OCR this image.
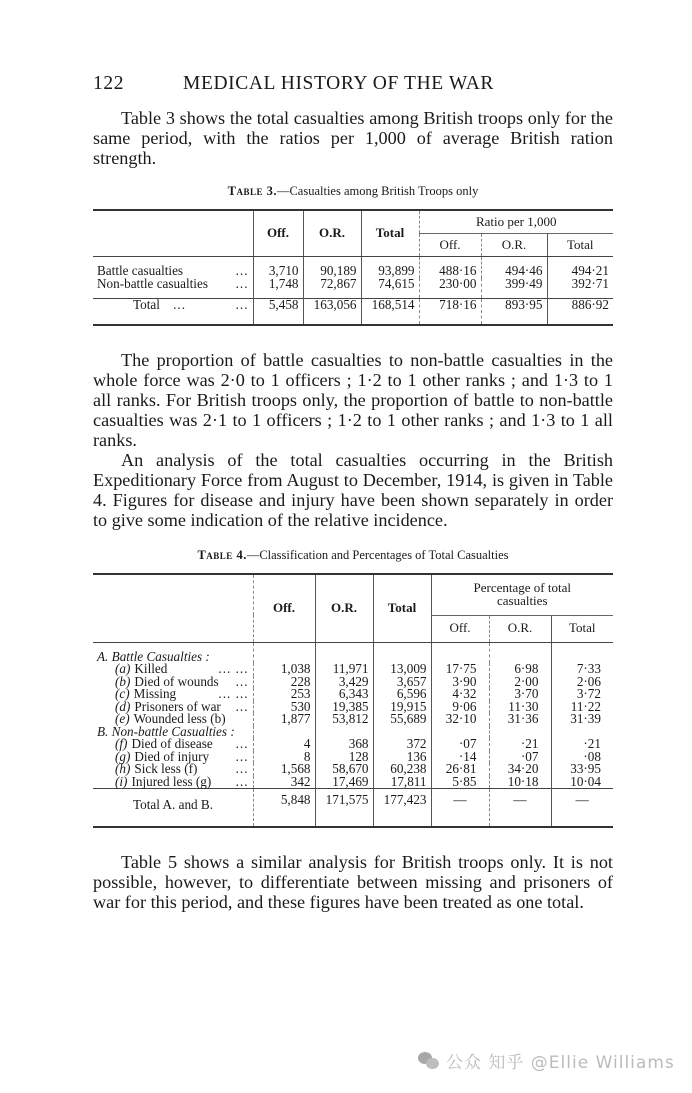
122	MEDICAL HISTORY OF THE WAR

Table 3 shows the total casualties among British troops only for the same period, with the ratios per 1,000 of average British ration strength.

Table 3.—Casualties among British Troops only
	Off.	O.R.	Total	Ratio per 1,000		
				Off.	O.R.	Total
Battle casualties ...	3,710	90,189	93,899	488·16	494·46	494·21
Non-battle casualties ...	1,748	72,867	74,615	230·00	399·49	392·71
Total ... ...	5,458	163,056	168,514	718·16	893·95	886·92

The proportion of battle casualties to non-battle casualties in the whole force was 2·0 to 1 officers ; 1·2 to 1 other ranks ; and 1·3 to 1 all ranks. For British troops only, the proportion of battle to non-battle casualties was 2·1 to 1 officers ; 1·2 to 1 other ranks ; and 1·3 to 1 all ranks.

An analysis of the total casualties occurring in the British Expeditionary Force from August to December, 1914, is given in Table 4. Figures for disease and injury have been shown separately in order to give some indication of the relative incidence.

Table 4.—Classification and Percentages of Total Casualties
	Off.	O.R.	Total	Percentage of total casualties		
				Off.	O.R.	Total
A. Battle Casualties :						
(a) Killed ... ...	1,038	11,971	13,009	17·75	6·98	7·33
(b) Died of wounds ...	228	3,429	3,657	3·90	2·00	2·06
(c) Missing ... ...	253	6,343	6,596	4·32	3·70	3·72
(d) Prisoners of war ...	530	19,385	19,915	9·06	11·30	11·22
(e) Wounded less (b)	1,877	53,812	55,689	32·10	31·36	31·39
B. Non-battle Casualties :						
(f) Died of disease ...	4	368	372	·07	·21	·21
(g) Died of injury ...	8	128	136	·14	·07	·08
(h) Sick less (f) ...	1,568	58,670	60,238	26·81	34·20	33·95
(i) Injured less (g) ...	342	17,469	17,811	5·85	10·18	10·04
Total A. and B.	5,848	171,575	177,423	—	—	—

Table 5 shows a similar analysis for British troops only. It is not possible, however, to differentiate between missing and prisoners of war for this period, and these figures have been treated as one total.

公众 知乎 @Ellie Williams
